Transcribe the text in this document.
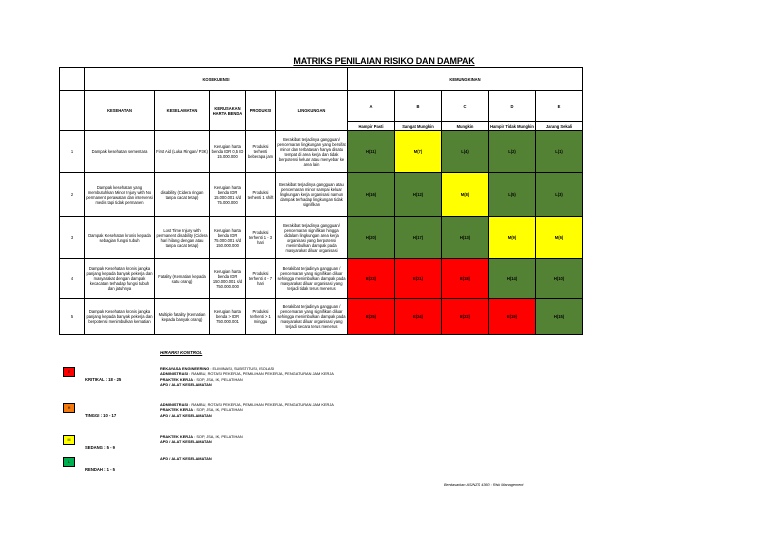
MATRIKS PENILAIAN RISIKO DAN DAMPAK
	KOSEKUENSI					KEMUNGKINAN				
	KESEHATAN	KESELAMATAN	KERUSAKAN HARTA BENDA	PRODUKSI	LINGKUNGAN	A	B	C	D	E
						Hampir Pasti	Sangat Mungkin	Mungkin	Hampir Tidak Mungkin	Jarang Sekali
1	Dampak kesehatan sementara	First Aid (Luka Ringan/ P3K)	Kerugian harta benda IDR 0,5 ID 15.000.000	Produksi terhenti beberapa jam	Berakibat terjadinya gangguan/ pencemaran lingkungan yang bersifat minor dan terbatasan hanya disatu tempat di area kerja dan tidak berpotensi keluar atau menyebar ke area lain	H(11)	M(7)	L(4)	L(2)	L(1)
2	Dampak kesehatan yang membutuhkan Minor Injury with No permanent perawatan dan intervensi medis tapi tidak permanen	disability (Cidera ringan tanpa cacat tetap)	Kerugian harta benda IDR 15.000.001 s/d 75.000.000	Produksi terhenti 1 shift	Berakibat terjadinya gangguan atau pencemaran minor sampai keluar lingkungan kerja organisasi namun dampak terhadap lingkungan tidak signifikan	H(16)	H(12)	M(8)	L(5)	L(3)
3	Dampak Kesehatan kronis kepada sebagian fungsi tubuh	Lost Time Injury with permanent disability (Cidera hari hilang dengan atau tanpa cacat tetap)	Kerugian harta benda IDR 75.000.001 s/d 150.000.000	Produksi terhenti 1 - 3 hari	Berakibat terjadinya gangguan/ pencemaran signifikan hingga didalam lingkungan area kerja organisasi yang berpotensi menimbulkan dampak pada masyarakat diluar organisasi	H(20)	H(17)	H(13)	M(9)	M(6)
4	Dampak Kesehatan kronis jangka panjang kepada banyak pekerja dan masyarakat dengan dampak kecacatan terhadap fungsi tubuh dan jatuhnya	Fatality (Kematian kepada satu orang)	Kerugian harta benda IDR 150.000.001 s/d 750.000.000	Produksi terhenti 4 - 7 hari	Berakibat terjadinya gangguan / pencemaran yang signifikan diluar sehingga menimbulkan dampak pada masyarakat diluar organisasi yang terjadi tidak terus menerus	E(23)	E(21)	E(18)	H(14)	H(10)
5	Dampak Kesehatan kronis jangka panjang kepada banyak pekerja dan berpotensi menimbulkan kematian	Multiple fatality (Kematian kepada banyak orang)	Kerugian harta benda > IDR 750.000.001	Produksi terhenti > 1 minggu	Berakibat terjadinya gangguan / pencemaran yang signifikan diluar sehingga menimbulkan dampak pada masyarakat diluar organisasi yang terjadi secara terus menerus	E(25)	E(24)	E(22)	E(19)	H(15)
HIRARKI KONTROL
E
KRITIKAL : 18 - 25
REKAYASA ENGINEERING : ELIMINASI, SUBSTITUSI, ISOLASI
ADMINISTRASI : RAMBU, ROTASI PEKERJA, PEMILIHAN PEKERJA, PENGATURAN JAM KERJA
PRAKTEK KERJA : SOP, JSA, IK, PELATIHAN
APD / ALAT KESELAMATAN
H
TINGGI : 10 - 17
ADMINISTRASI : RAMBU, ROTASI PEKERJA, PEMILIHAN PEKERJA, PENGATURAN JAM KERJA
PRAKTEK KERJA : SOP, JSA, IK, PELATIHAN
APD / ALAT KESELAMATAN
M
SEDANG : 5 - 9
PRAKTEK KERJA : SOP, JSA, IK, PELATIHAN
APD / ALAT KESELAMATAN
L
RENDAH : 1 - 5
APD / ALAT KESELAMATAN
Berdasarkan AS/NZS 4360 : Risk Management
